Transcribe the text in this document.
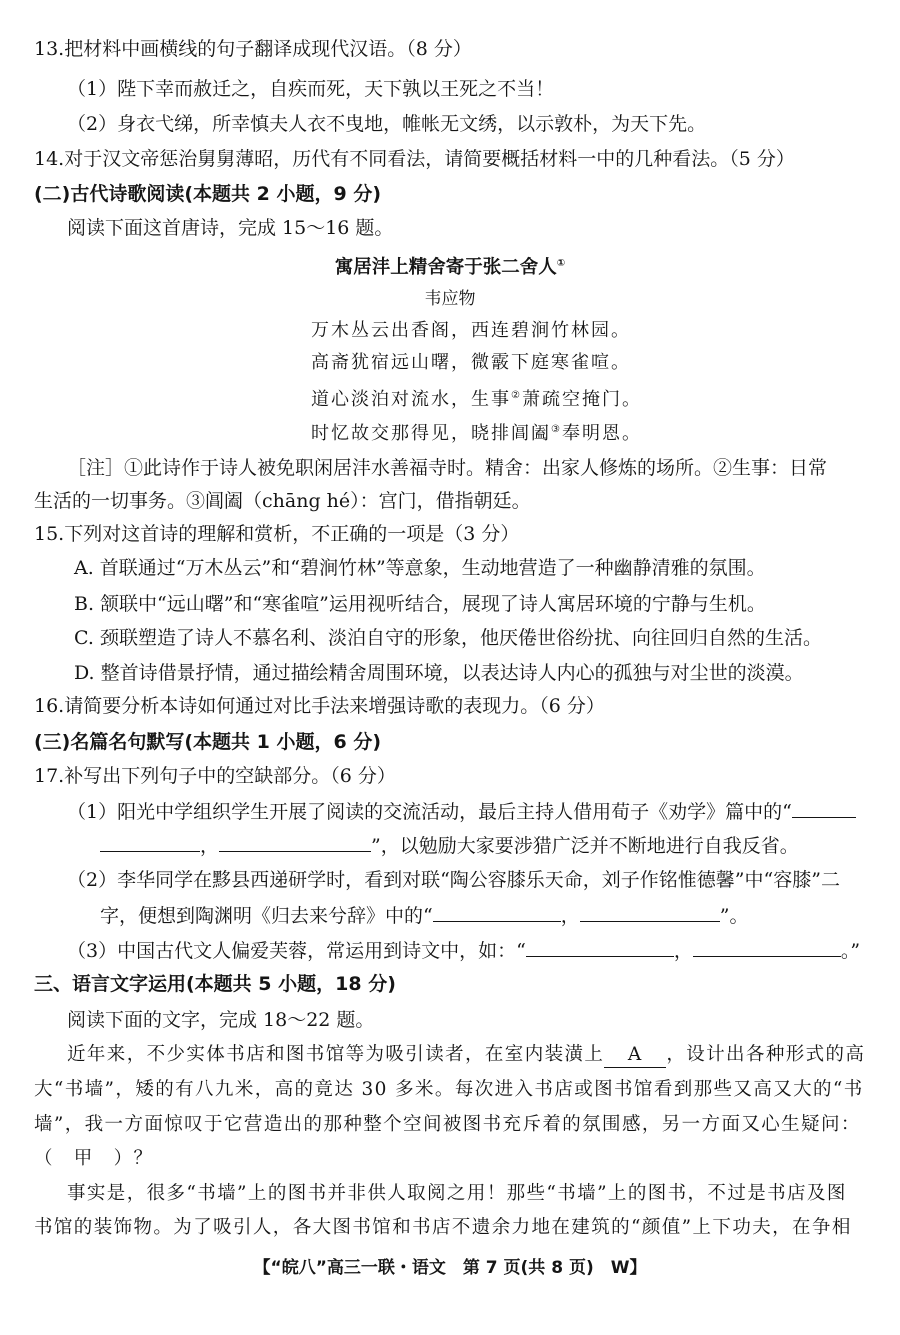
13.把材料中画横线的句子翻译成现代汉语。（8 分）
（1）陛下幸而赦迁之，自疾而死，天下孰以王死之不当！
（2）身衣弋绨，所幸慎夫人衣不曳地，帷帐无文绣，以示敦朴，为天下先。
14.对于汉文帝惩治舅舅薄昭，历代有不同看法，请简要概括材料一中的几种看法。（5 分）
(二)古代诗歌阅读(本题共 2 小题，9 分)
阅读下面这首唐诗，完成 15～16 题。
寓居沣上精舍寄于张二舍人①
韦应物
万木丛云出香阁，西连碧涧竹林园。
高斋犹宿远山曙，微霰下庭寒雀喧。
道心淡泊对流水，生事②萧疏空掩门。
时忆故交那得见，晓排阊阖③奉明恩。
［注］①此诗作于诗人被免职闲居沣水善福寺时。精舍：出家人修炼的场所。②生事：日常
生活的一切事务。③阊阖（chāng hé）：宫门，借指朝廷。
15.下列对这首诗的理解和赏析，不正确的一项是（3 分）
A. 首联通过“万木丛云”和“碧涧竹林”等意象，生动地营造了一种幽静清雅的氛围。
B. 颔联中“远山曙”和“寒雀喧”运用视听结合，展现了诗人寓居环境的宁静与生机。
C. 颈联塑造了诗人不慕名利、淡泊自守的形象，他厌倦世俗纷扰、向往回归自然的生活。
D. 整首诗借景抒情，通过描绘精舍周围环境，以表达诗人内心的孤独与对尘世的淡漠。
16.请简要分析本诗如何通过对比手法来增强诗歌的表现力。（6 分）
(三)名篇名句默写(本题共 1 小题，6 分)
17.补写出下列句子中的空缺部分。（6 分）
（1）阳光中学组织学生开展了阅读的交流活动，最后主持人借用荀子《劝学》篇中的“
，	”，以勉励大家要涉猎广泛并不断地进行自我反省。
（2）李华同学在黟县西递研学时，看到对联“陶公容膝乐天命，刘子作铭惟德馨”中“容膝”二
字，便想到陶渊明《归去来兮辞》中的“	，	”。
（3）中国古代文人偏爱芙蓉，常运用到诗文中，如：“	，	。”
三、语言文字运用(本题共 5 小题，18 分)
阅读下面的文字，完成 18～22 题。
近年来，不少实体书店和图书馆等为吸引读者，在室内装潢上 A ，设计出各种形式的高
大“书墙”，矮的有八九米，高的竟达 30 多米。每次进入书店或图书馆看到那些又高又大的“书
墙”，我一方面惊叹于它营造出的那种整个空间被图书充斥着的氛围感，另一方面又心生疑问：
（　甲　）？
事实是，很多“书墙”上的图书并非供人取阅之用！那些“书墙”上的图书，不过是书店及图
书馆的装饰物。为了吸引人，各大图书馆和书店不遗余力地在建筑的“颜值”上下功夫，在争相
【“皖八”高三一联・语文　第 7 页(共 8 页)　W】
